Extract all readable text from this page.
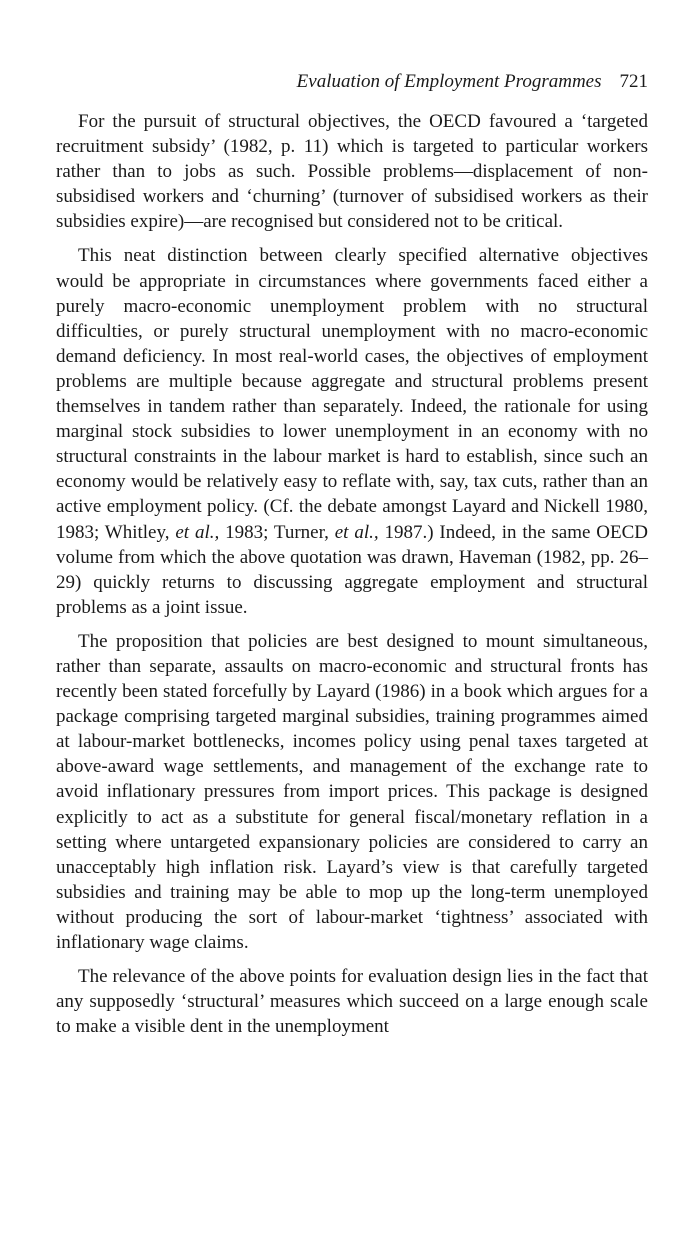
Evaluation of Employment Programmes 721

For the pursuit of structural objectives, the OECD favoured a ‘targeted recruitment subsidy’ (1982, p. 11) which is targeted to particular workers rather than to jobs as such. Possible problems—displacement of non-subsidised workers and ‘churning’ (turnover of subsidised workers as their subsidies expire)—are recognised but considered not to be critical.

This neat distinction between clearly specified alternative objectives would be appropriate in circumstances where governments faced either a purely macro-economic unemployment problem with no structural difficulties, or purely structural unemployment with no macro-economic demand deficiency. In most real-world cases, the objectives of employment problems are multiple because aggregate and structural problems present themselves in tandem rather than separately. Indeed, the rationale for using marginal stock subsidies to lower unemployment in an economy with no structural constraints in the labour market is hard to establish, since such an economy would be relatively easy to reflate with, say, tax cuts, rather than an active employment policy. (Cf. the debate amongst Layard and Nickell 1980, 1983; Whitley, et al., 1983; Turner, et al., 1987.) Indeed, in the same OECD volume from which the above quotation was drawn, Haveman (1982, pp. 26–29) quickly returns to discussing aggregate employment and structural problems as a joint issue.

The proposition that policies are best designed to mount simultaneous, rather than separate, assaults on macro-economic and structural fronts has recently been stated forcefully by Layard (1986) in a book which argues for a package comprising targeted marginal subsidies, training programmes aimed at labour-market bottlenecks, incomes policy using penal taxes targeted at above-award wage settlements, and management of the exchange rate to avoid inflationary pressures from import prices. This package is designed explicitly to act as a substitute for general fiscal/monetary reflation in a setting where untargeted expansionary policies are considered to carry an unacceptably high inflation risk. Layard’s view is that carefully targeted subsidies and training may be able to mop up the long-term unemployed without producing the sort of labour-market ‘tightness’ associated with inflationary wage claims.

The relevance of the above points for evaluation design lies in the fact that any supposedly ‘structural’ measures which succeed on a large enough scale to make a visible dent in the unemployment
